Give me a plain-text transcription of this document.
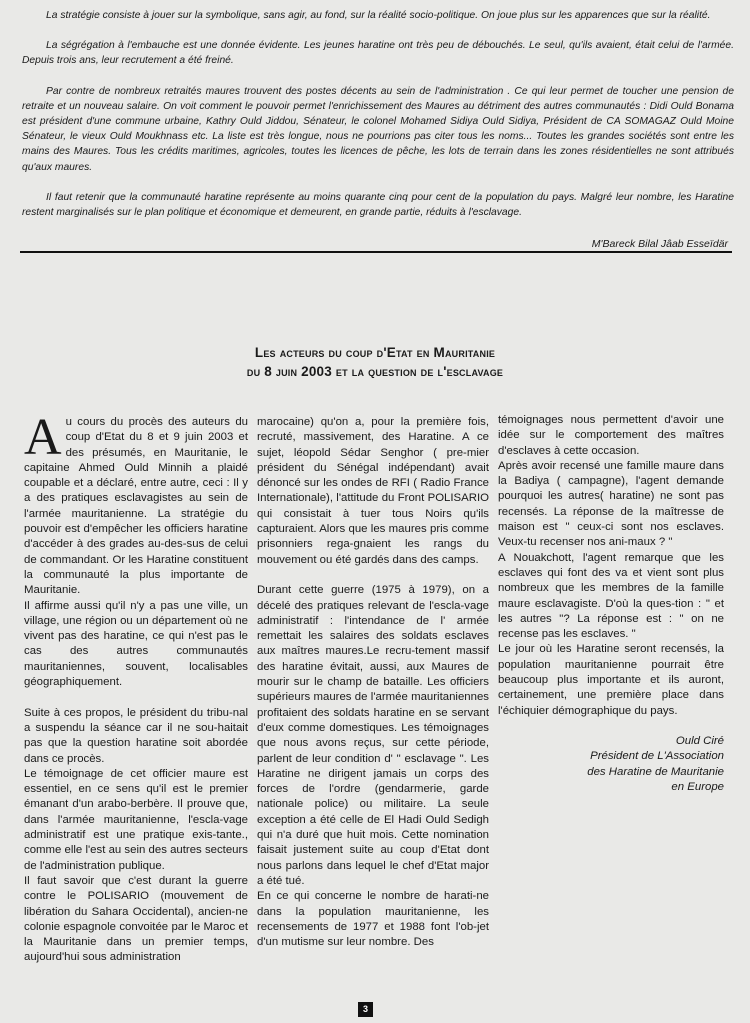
La stratégie consiste à jouer sur la symbolique, sans agir, au fond, sur la réalité socio-politique. On joue plus sur les apparences que sur la réalité.

La ségrégation à l'embauche est une donnée évidente. Les jeunes haratine ont très peu de débouchés. Le seul, qu'ils avaient, était celui de l'armée. Depuis trois ans, leur recrutement a été freiné.

Par contre de nombreux retraités maures trouvent des postes décents au sein de l'administration . Ce qui leur permet de toucher une pension de retraite et un nouveau salaire. On voit comment le pouvoir permet l'enrichissement des Maures au détriment des autres communautés : Didi Ould Bonama est président d'une commune urbaine, Kathry Ould Jiddou, Sénateur, le colonel Mohamed Sidiya Ould Sidiya, Président de CA SOMAGAZ Ould Moine Sénateur, le vieux Ould Moukhnass etc. La liste est très longue, nous ne pourrions pas citer tous les noms... Toutes les grandes sociétés sont entre les mains des Maures. Tous les crédits maritimes, agricoles, toutes les licences de pêche, les lots de terrain dans les zones résidentielles ne sont attribués qu'aux maures.

Il faut retenir que la communauté haratine représente au moins quarante cinq pour cent de la population du pays. Malgré leur nombre, les Haratine restent marginalisés sur le plan politique et économique et demeurent, en grande partie, réduits à l'esclavage.

M'Bareck Bilal Jâab Esseïdär
Les acteurs du coup d'Etat en Mauritanie
du 8 juin 2003 et la question de l'esclavage

Au cours du procès des auteurs du coup d'Etat du 8 et 9 juin 2003 et des présumés, en Mauritanie, le capitaine Ahmed Ould Minnih a plaidé coupable et a déclaré, entre autre, ceci : Il y a des pratiques esclavagistes au sein de l'armée mauritanienne. La stratégie du pouvoir est d'empêcher les officiers haratine d'accéder à des grades au-des-sus de celui de commandant. Or les Haratine constituent la communauté la plus importante de Mauritanie.

Il affirme aussi qu'il n'y a pas une ville, un village, une région ou un département où ne vivent pas des haratine, ce qui n'est pas le cas des autres communautés mauritaniennes, souvent, localisables géographiquement.

Suite à ces propos, le président du tribu-nal a suspendu la séance car il ne sou-haitait pas que la question haratine soit abordée dans ce procès.

Le témoignage de cet officier maure est essentiel, en ce sens qu'il est le premier émanant d'un arabo-berbère. Il prouve que, dans l'armée mauritanienne, l'escla-vage administratif est une pratique exis-tante., comme elle l'est au sein des autres secteurs de l'administration publique.

Il faut savoir que c'est durant la guerre contre le POLISARIO (mouvement de libération du Sahara Occidental), ancien-ne colonie espagnole convoitée par le Maroc et la Mauritanie dans un premier temps, aujourd'hui sous administration

marocaine) qu'on a, pour la première fois, recruté, massivement, des Haratine. A ce sujet, léopold Sédar Senghor ( pre-mier président du Sénégal indépendant) avait dénoncé sur les ondes de RFI ( Radio France Internationale), l'attitude du Front POLISARIO qui consistait à tuer tous Noirs qu'ils capturaient. Alors que les maures pris comme prisonniers rega-gnaient les rangs du mouvement ou été gardés dans des camps.

Durant cette guerre (1975 à 1979), on a décelé des pratiques relevant de l'escla-vage administratif : l'intendance de l' armée remettait les salaires des soldats esclaves aux maîtres maures.Le recru-tement massif des haratine évitait, aussi, aux Maures de mourir sur le champ de bataille. Les officiers supérieurs maures de l'armée mauritaniennes profitaient des soldats haratine en se servant d'eux comme domestiques. Les témoignages que nous avons reçus, sur cette période, parlent de leur condition d' " esclavage ". Les Haratine ne dirigent jamais un corps des forces de l'ordre (gendarmerie, garde nationale police) ou militaire. La seule exception a été celle de El Hadi Ould Sedigh qui n'a duré que huit mois. Cette nomination faisait justement suite au coup d'Etat dont nous parlons dans lequel le chef d'Etat major a été tué.

En ce qui concerne le nombre de harati-ne dans la population mauritanienne, les recensements de 1977 et 1988 font l'ob-jet d'un mutisme sur leur nombre. Des

témoignages nous permettent d'avoir une idée sur le comportement des maîtres d'esclaves à cette occasion.

Après avoir recensé une famille maure dans la Badiya ( campagne), l'agent demande pourquoi les autres( haratine) ne sont pas recensés. La réponse de la maîtresse de maison est " ceux-ci sont nos esclaves. Veux-tu recenser nos ani-maux ? "

A Nouakchott, l'agent remarque que les esclaves qui font des va et vient sont plus nombreux que les membres de la famille maure esclavagiste. D'où la ques-tion : " et les autres "? La réponse est : " on ne recense pas les esclaves. "

Le jour où les Haratine seront recensés, la population mauritanienne pourrait être beaucoup plus importante et ils auront, certainement, une première place dans l'échiquier démographique du pays.

Ould Ciré
Président de L'Association
des Haratine de Mauritanie
en Europe
3
